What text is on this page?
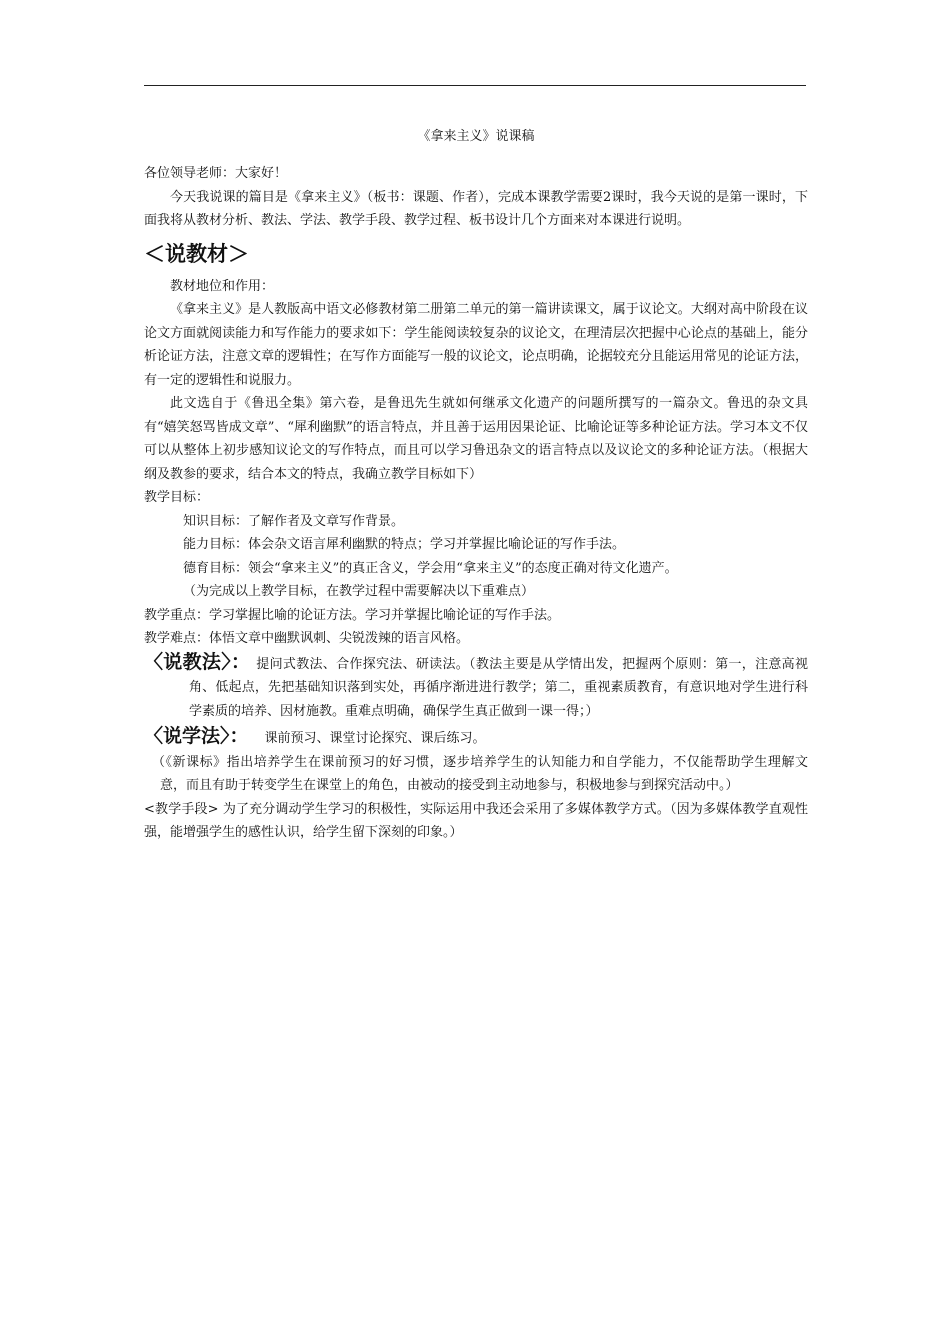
《拿来主义》说课稿

各位领导老师：大家好！

今天我说课的篇目是《拿来主义》（板书：课题、作者），完成本课教学需要2课时，我今天说的是第一课时，下面我将从教材分析、教法、学法、教学手段、教学过程、板书设计几个方面来对本课进行说明。

＜说教材＞

教材地位和作用：

《拿来主义》是人教版高中语文必修教材第二册第二单元的第一篇讲读课文，属于议论文。大纲对高中阶段在议论文方面就阅读能力和写作能力的要求如下：学生能阅读较复杂的议论文，在理清层次把握中心论点的基础上，能分析论证方法，注意文章的逻辑性；在写作方面能写一般的议论文，论点明确，论据较充分且能运用常见的论证方法，有一定的逻辑性和说服力。

此文选自于《鲁迅全集》第六卷，是鲁迅先生就如何继承文化遗产的问题所撰写的一篇杂文。鲁迅的杂文具有“嬉笑怒骂皆成文章”、“犀利幽默”的语言特点，并且善于运用因果论证、比喻论证等多种论证方法。学习本文不仅可以从整体上初步感知议论文的写作特点，而且可以学习鲁迅杂文的语言特点以及议论文的多种论证方法。（根据大纲及教参的要求，结合本文的特点，我确立教学目标如下）

教学目标：

知识目标：了解作者及文章写作背景。

能力目标：体会杂文语言犀利幽默的特点；学习并掌握比喻论证的写作手法。

德育目标：领会“拿来主义”的真正含义，学会用“拿来主义”的态度正确对待文化遗产。

（为完成以上教学目标，在教学过程中需要解决以下重难点）

教学重点：学习掌握比喻的论证方法。学习并掌握比喻论证的写作手法。

教学难点：体悟文章中幽默讽刺、尖锐泼辣的语言风格。

〈说教法〉： 提问式教法、合作探究法、研读法。（教法主要是从学情出发，把握两个原则：第一，注意高视角、低起点，先把基础知识落到实处，再循序渐进进行教学；第二，重视素质教育，有意识地对学生进行科学素质的培养、因材施教。重难点明确，确保学生真正做到一课一得；）

〈说学法〉： 课前预习、课堂讨论探究、课后练习。

（《新课标》指出培养学生在课前预习的好习惯，逐步培养学生的认知能力和自学能力，不仅能帮助学生理解文意，而且有助于转变学生在课堂上的角色，由被动的接受到主动地参与，积极地参与到探究活动中。）

<教学手段> 为了充分调动学生学习的积极性，实际运用中我还会采用了多媒体教学方式。（因为多媒体教学直观性强，能增强学生的感性认识，给学生留下深刻的印象。）
